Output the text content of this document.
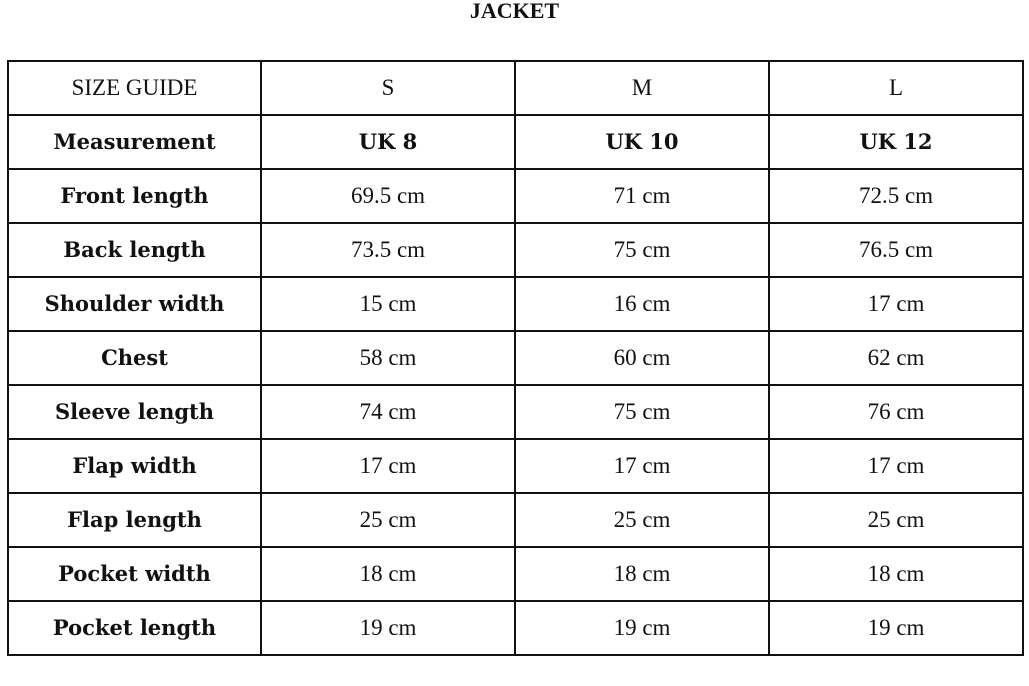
JACKET
SIZE GUIDE	S	M	L
Measurement	UK 8	UK 10	UK 12
Front length	69.5 cm	71 cm	72.5 cm
Back length	73.5 cm	75 cm	76.5 cm
Shoulder width	15 cm	16 cm	17 cm
Chest	58 cm	60 cm	62 cm
Sleeve length	74 cm	75 cm	76 cm
Flap width	17 cm	17 cm	17 cm
Flap length	25 cm	25 cm	25 cm
Pocket width	18 cm	18 cm	18 cm
Pocket length	19 cm	19 cm	19 cm
